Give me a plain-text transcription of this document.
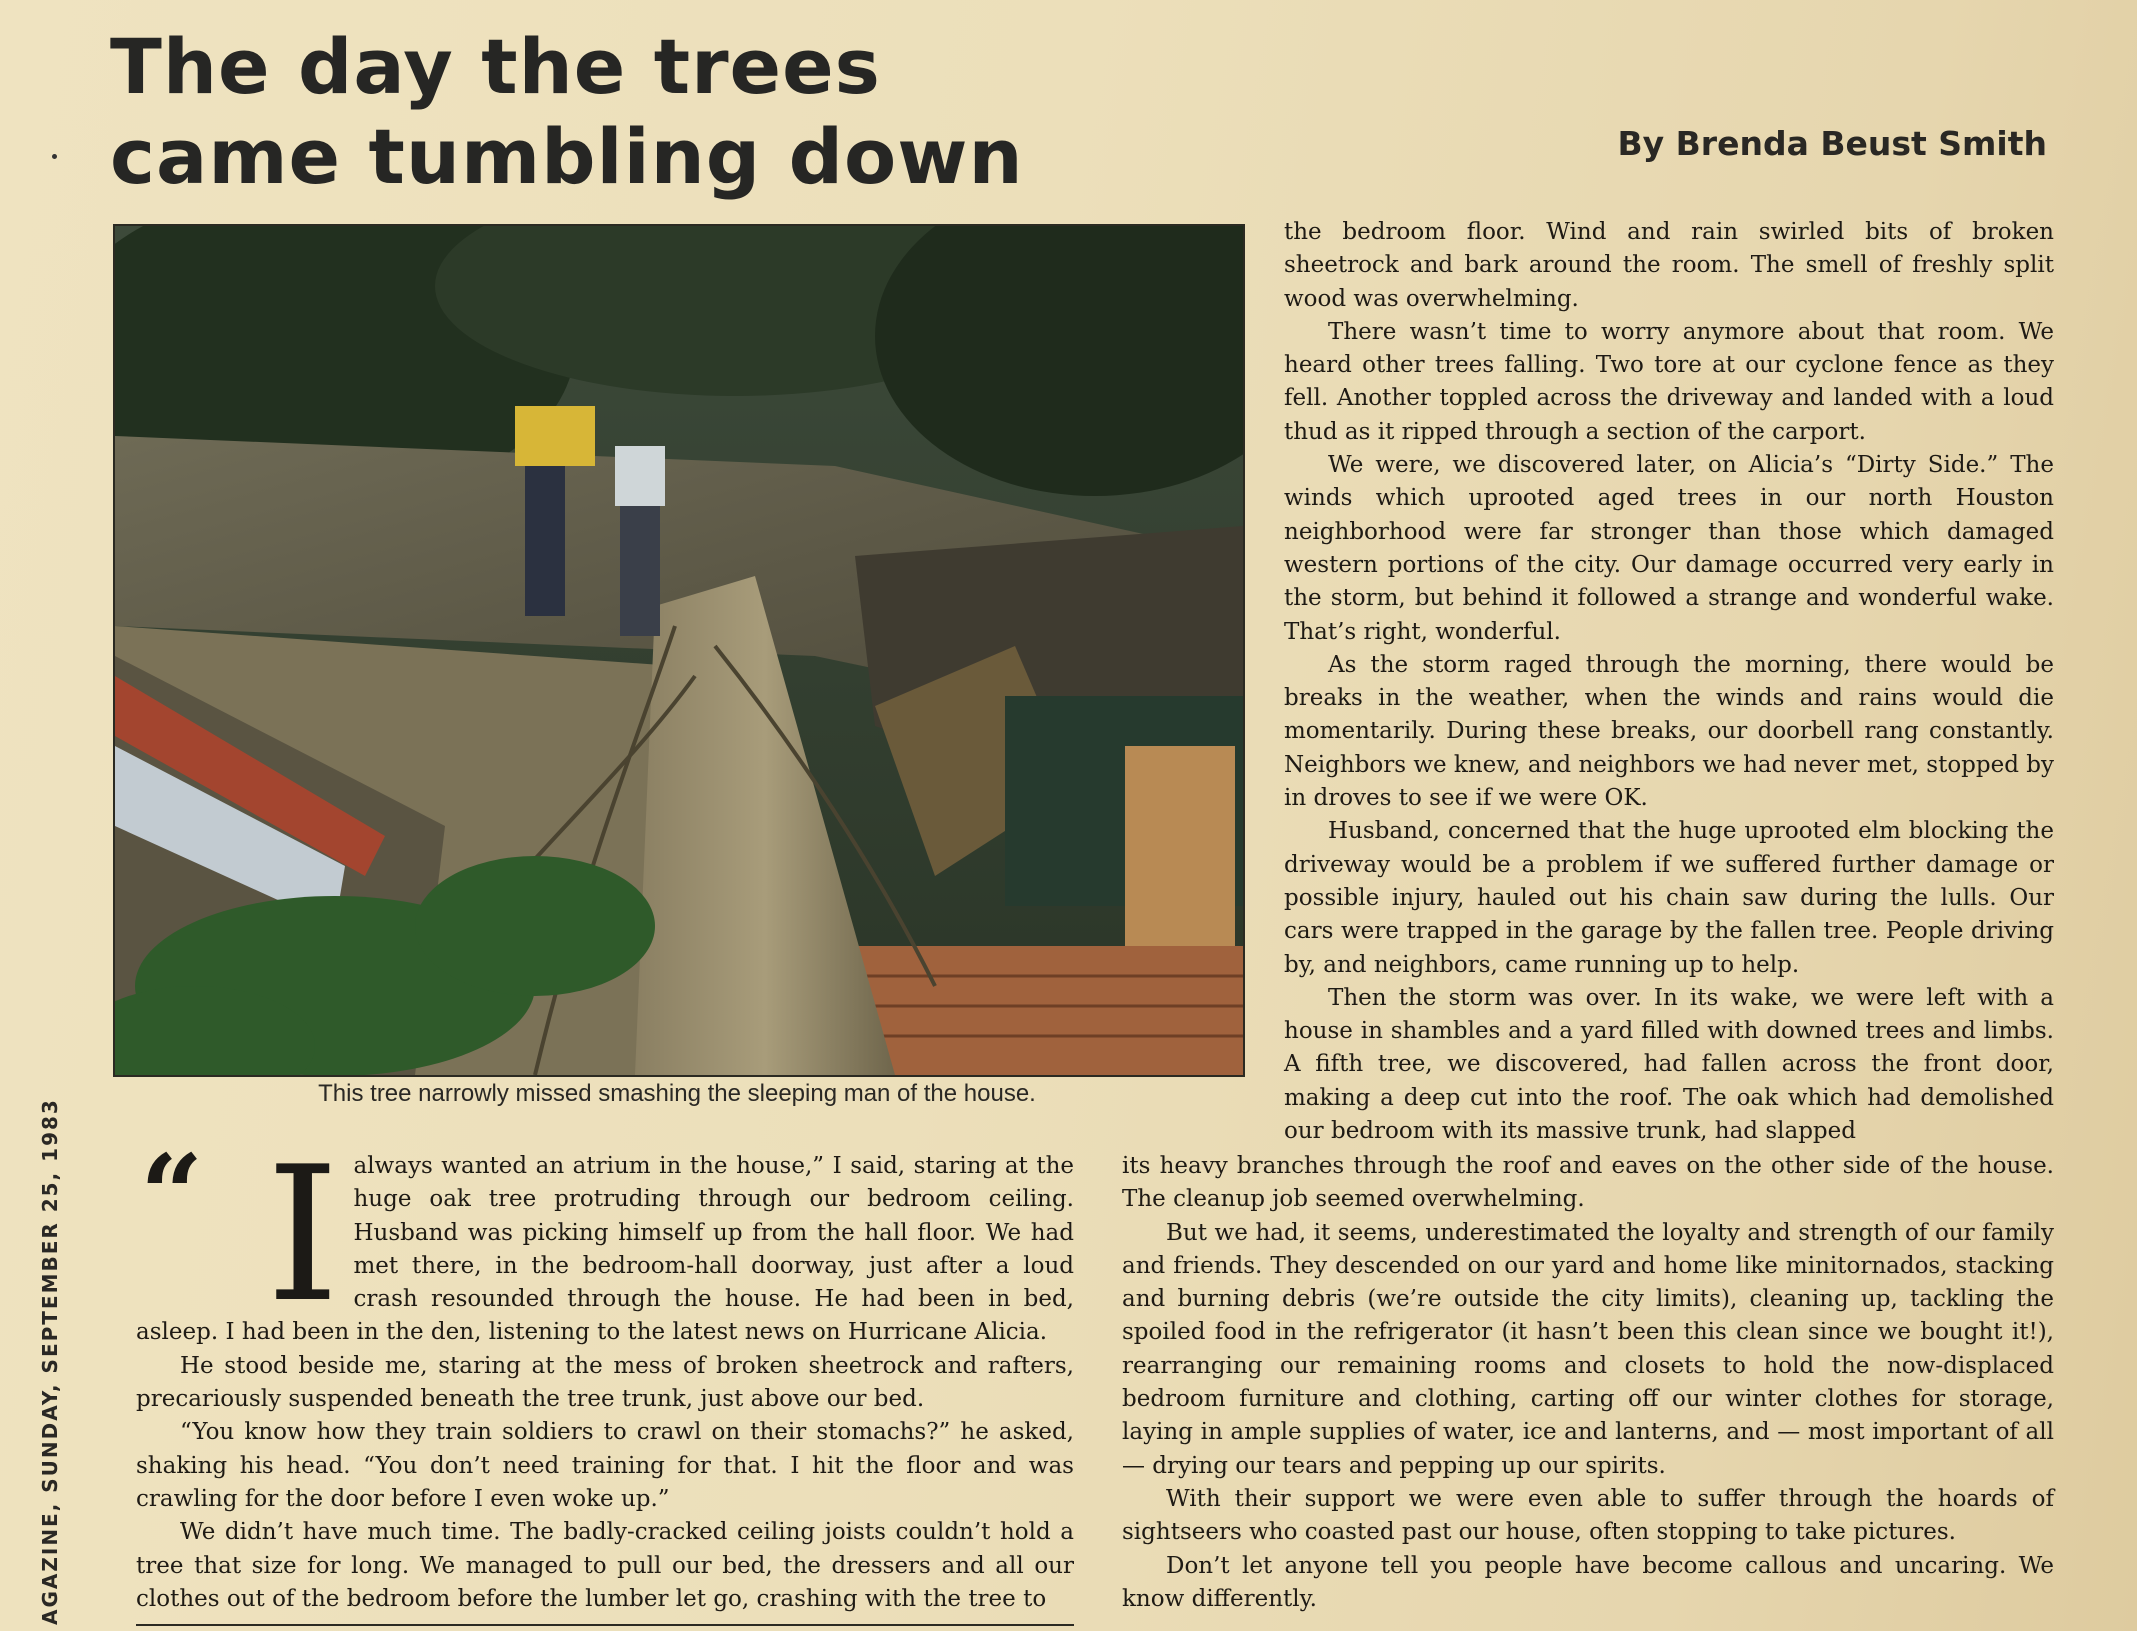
The day the trees
came tumbling down	By Brenda Beust Smith
This tree narrowly missed smashing the sleeping man of the house.

the bedroom floor. Wind and rain swirled bits of broken sheetrock and bark around the room. The smell of freshly split wood was overwhelming.

There wasn’t time to worry anymore about that room. We heard other trees falling. Two tore at our cyclone fence as they fell. Another toppled across the driveway and landed with a loud thud as it ripped through a section of the carport.

We were, we discovered later, on Alicia’s “Dirty Side.” The winds which uprooted aged trees in our north Houston neighborhood were far stronger than those which damaged western portions of the city. Our damage occurred very early in the storm, but behind it followed a strange and wonderful wake. That’s right, wonderful.

As the storm raged through the morning, there would be breaks in the weather, when the winds and rains would die momentarily. During these breaks, our doorbell rang constantly. Neighbors we knew, and neighbors we had never met, stopped by in droves to see if we were OK.

Husband, concerned that the huge uprooted elm blocking the driveway would be a problem if we suffered further damage or possible injury, hauled out his chain saw during the lulls. Our cars were trapped in the garage by the fallen tree. People driving by, and neighbors, came running up to help.

Then the storm was over. In its wake, we were left with a house in shambles and a yard filled with downed trees and limbs. A fifth tree, we discovered, had fallen across the front door, making a deep cut into the roof. The oak which had demolished our bedroom with its massive trunk, had slapped

“ I always wanted an atrium in the house,” I said, staring at the huge oak tree protruding through our bedroom ceiling. Husband was picking himself up from the hall floor. We had met there, in the bedroom-hall doorway, just after a loud crash resounded through the house. He had been in bed, asleep. I had been in the den, listening to the latest news on Hurricane Alicia.

He stood beside me, staring at the mess of broken sheetrock and rafters, precariously suspended beneath the tree trunk, just above our bed.

“You know how they train soldiers to crawl on their stomachs?” he asked, shaking his head. “You don’t need training for that. I hit the floor and was crawling for the door before I even woke up.”

We didn’t have much time. The badly-cracked ceiling joists couldn’t hold a tree that size for long. We managed to pull our bed, the dressers and all our clothes out of the bedroom before the lumber let go, crashing with the tree to

its heavy branches through the roof and eaves on the other side of the house. The cleanup job seemed overwhelming.

But we had, it seems, underestimated the loyalty and strength of our family and friends. They descended on our yard and home like minitornados, stacking and burning debris (we’re outside the city limits), cleaning up, tackling the spoiled food in the refrigerator (it hasn’t been this clean since we bought it!), rearranging our remaining rooms and closets to hold the now-displaced bedroom furniture and clothing, carting off our winter clothes for storage, laying in ample supplies of water, ice and lanterns, and — most important of all — drying our tears and pepping up our spirits.

With their support we were even able to suffer through the hoards of sightseers who coasted past our house, often stopping to take pictures.

Don’t let anyone tell you people have become callous and uncaring. We know differently.

AGAZINE, SUNDAY, SEPTEMBER 25, 1983
